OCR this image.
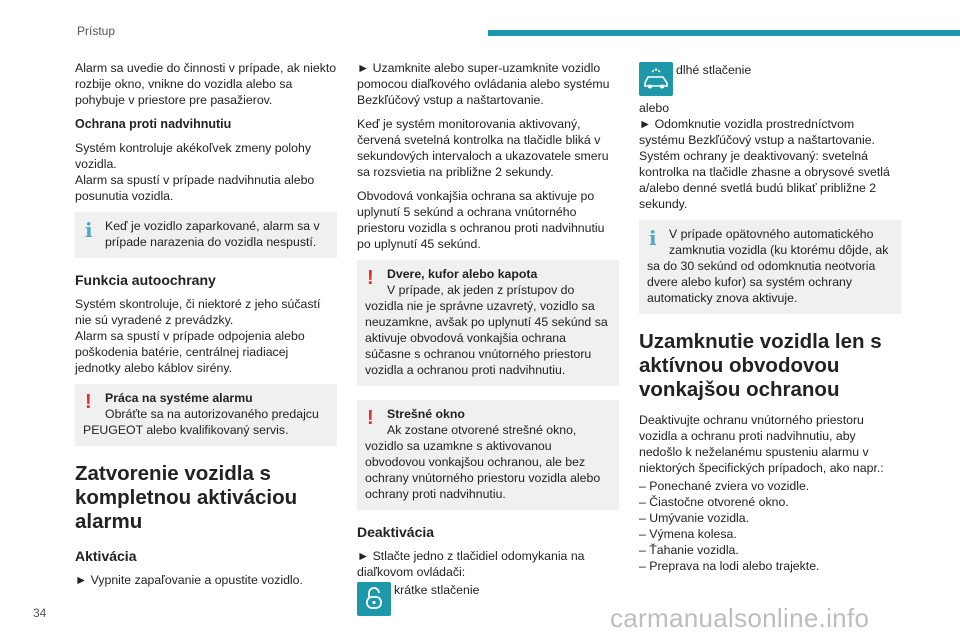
Prístup

Alarm sa uvedie do činnosti v prípade, ak niekto rozbije okno, vnikne do vozidla alebo sa pohybuje v priestore pre pasažierov.

Ochrana proti nadvihnutiu

Systém kontroluje akékoľvek zmeny polohy vozidla.
Alarm sa spustí v prípade nadvihnutia alebo posunutia vozidla.

i	Keď je vozidlo zaparkované, alarm sa v prípade narazenia do vozidla nespustí.
Funkcia autoochrany

Systém skontroluje, či niektoré z jeho súčastí nie sú vyradené z prevádzky.
Alarm sa spustí v prípade odpojenia alebo poškodenia batérie, centrálnej riadiacej jednotky alebo káblov sirény.

!	Práca na systéme alarmu
Obráťte sa na autorizovaného predajcu
PEUGEOT alebo kvalifikovaný servis.
Zatvorenie vozidla s kompletnou aktiváciou alarmu
Aktivácia

► Vypnite zapaľovanie a opustite vozidlo.

► Uzamknite alebo super-uzamknite vozidlo pomocou diaľkového ovládania alebo systému Bezkľúčový vstup a naštartovanie.

Keď je systém monitorovania aktivovaný, červená svetelná kontrolka na tlačidle bliká v sekundových intervaloch a ukazovatele smeru sa rozsvietia na približne 2 sekundy.

Obvodová vonkajšia ochrana sa aktivuje po uplynutí 5 sekúnd a ochrana vnútorného priestoru vozidla s ochranou proti nadvihnutiu po uplynutí 45 sekúnd.

!	Dvere, kufor alebo kapota
V prípade, ak jeden z prístupov do
vozidla nie je správne uzavretý, vozidlo sa neuzamkne, avšak po uplynutí 45 sekúnd sa aktivuje obvodová vonkajšia ochrana súčasne s ochranou vnútorného priestoru vozidla a ochranou proti nadvihnutiu.
!	Strešné okno
Ak zostane otvorené strešné okno,
vozidlo sa uzamkne s aktivovanou obvodovou vonkajšou ochranou, ale bez ochrany vnútorného priestoru vozidla alebo ochrany proti nadvihnutiu.
Deaktivácia

► Stlačte jedno z tlačidiel odomykania na diaľkovom ovládači:

krátke stlačenie
dlhé stlačenie

alebo
► Odomknutie vozidla prostredníctvom systému Bezkľúčový vstup a naštartovanie.
Systém ochrany je deaktivovaný: svetelná kontrolka na tlačidle zhasne a obrysové svetlá a/alebo denné svetlá budú blikať približne 2 sekundy.

i	V prípade opätovného automatického
zamknutia vozidla (ku ktorému dôjde, ak
sa do 30 sekúnd od odomknutia neotvoria dvere alebo kufor) sa systém ochrany automaticky znova aktivuje.
Uzamknutie vozidla len s aktívnou obvodovou vonkajšou ochranou

Deaktivujte ochranu vnútorného priestoru vozidla a ochranu proti nadvihnutiu, aby nedošlo k neželanému spusteniu alarmu v niektorých špecifických prípadoch, ako napr.:

– Ponechané zviera vo vozidle.
– Čiastočne otvorené okno.
– Umývanie vozidla.
– Výmena kolesa.
– Ťahanie vozidla.
– Preprava na lodi alebo trajekte.
34	carmanualsonline.info
